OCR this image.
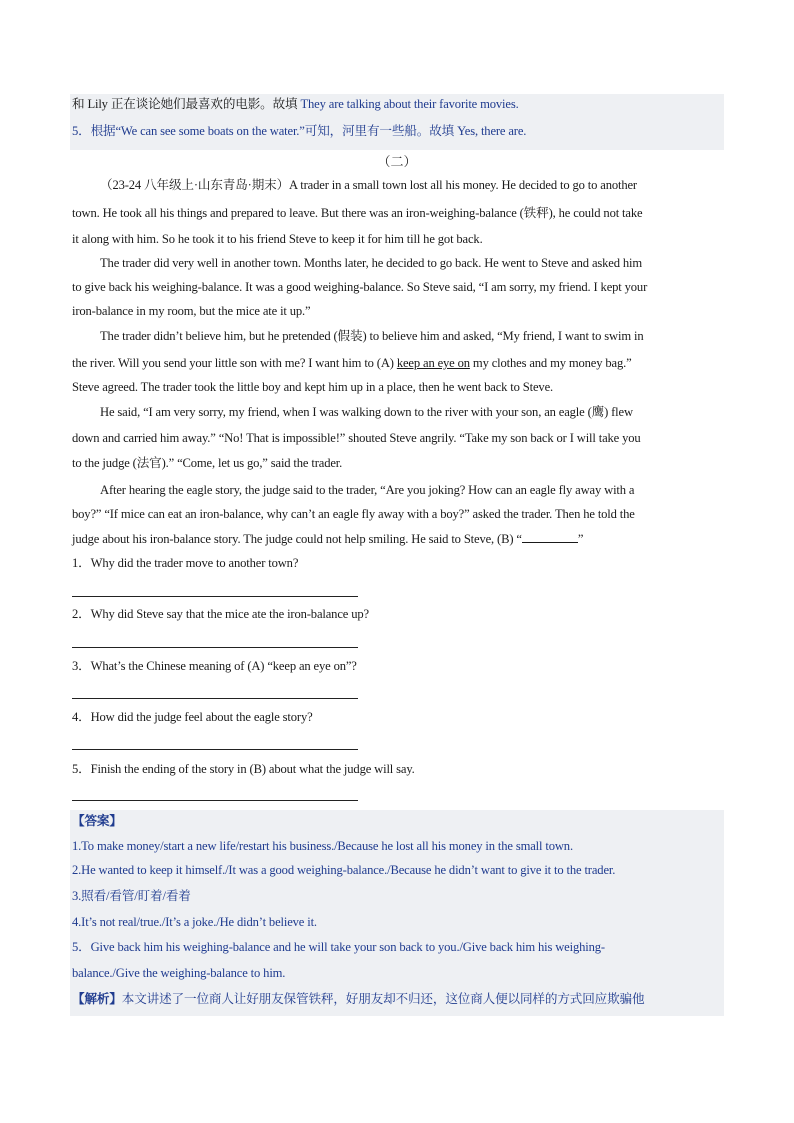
和 Lily 正在谈论她们最喜欢的电影。故填 They are talking about their favorite movies.
5．根据“We can see some boats on the water.”可知，河里有一些船。故填 Yes, there are.
（二）
（23-24 八年级上·山东青岛·期末）A trader in a small town lost all his money. He decided to go to another
town. He took all his things and prepared to leave. But there was an iron-weighing-balance (铁秤), he could not take
it along with him. So he took it to his friend Steve to keep it for him till he got back.
The trader did very well in another town. Months later, he decided to go back. He went to Steve and asked him
to give back his weighing-balance. It was a good weighing-balance. So Steve said, “I am sorry, my friend. I kept your
iron-balance in my room, but the mice ate it up.”
The trader didn’t believe him, but he pretended (假装) to believe him and asked, “My friend, I want to swim in
the river. Will you send your little son with me? I want him to (A) keep an eye on my clothes and my money bag.”
Steve agreed. The trader took the little boy and kept him up in a place, then he went back to Steve.
He said, “I am very sorry, my friend, when I was walking down to the river with your son, an eagle (鹰) flew
down and carried him away.” “No! That is impossible!” shouted Steve angrily. “Take my son back or I will take you
to the judge (法官).” “Come, let us go,” said the trader.
After hearing the eagle story, the judge said to the trader, “Are you joking? How can an eagle fly away with a
boy?” “If mice can eat an iron-balance, why can’t an eagle fly away with a boy?” asked the trader. Then he told the
judge about his iron-balance story. The judge could not help smiling. He said to Steve, (B) “	”
1．Why did the trader move to another town?
2．Why did Steve say that the mice ate the iron-balance up?
3．What’s the Chinese meaning of (A) “keep an eye on”?
4．How did the judge feel about the eagle story?
5．Finish the ending of the story in (B) about what the judge will say.
【答案】
1.To make money/start a new life/restart his business./Because he lost all his money in the small town.
2.He wanted to keep it himself./It was a good weighing-balance./Because he didn’t want to give it to the trader.
3.照看/看管/盯着/看着
4.It’s not real/true./It’s a joke./He didn’t believe it.
5．Give back him his weighing-balance and he will take your son back to you./Give back him his weighing-
balance./Give the weighing-balance to him.
【解析】本文讲述了一位商人让好朋友保管铁秤，好朋友却不归还，这位商人便以同样的方式回应欺骗他
